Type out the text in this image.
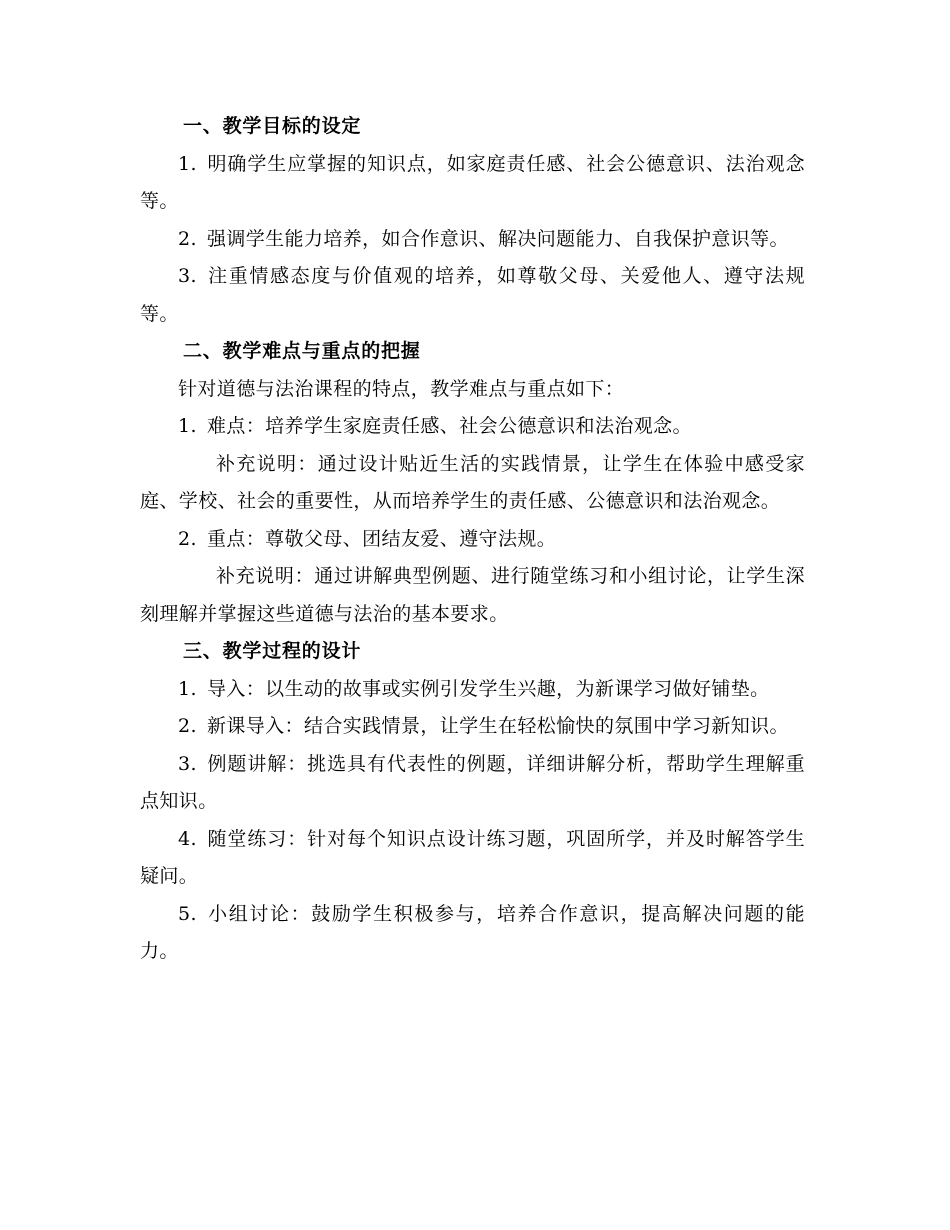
一、教学目标的设定

1. 明确学生应掌握的知识点，如家庭责任感、社会公德意识、法治观念等。

2. 强调学生能力培养，如合作意识、解决问题能力、自我保护意识等。

3. 注重情感态度与价值观的培养，如尊敬父母、关爱他人、遵守法规等。

二、教学难点与重点的把握

针对道德与法治课程的特点，教学难点与重点如下：

1. 难点：培养学生家庭责任感、社会公德意识和法治观念。

补充说明：通过设计贴近生活的实践情景，让学生在体验中感受家庭、学校、社会的重要性，从而培养学生的责任感、公德意识和法治观念。

2. 重点：尊敬父母、团结友爱、遵守法规。

补充说明：通过讲解典型例题、进行随堂练习和小组讨论，让学生深刻理解并掌握这些道德与法治的基本要求。

三、教学过程的设计

1. 导入：以生动的故事或实例引发学生兴趣，为新课学习做好铺垫。

2. 新课导入：结合实践情景，让学生在轻松愉快的氛围中学习新知识。

3. 例题讲解：挑选具有代表性的例题，详细讲解分析，帮助学生理解重点知识。

4. 随堂练习：针对每个知识点设计练习题，巩固所学，并及时解答学生疑问。

5. 小组讨论：鼓励学生积极参与，培养合作意识，提高解决问题的能力。
